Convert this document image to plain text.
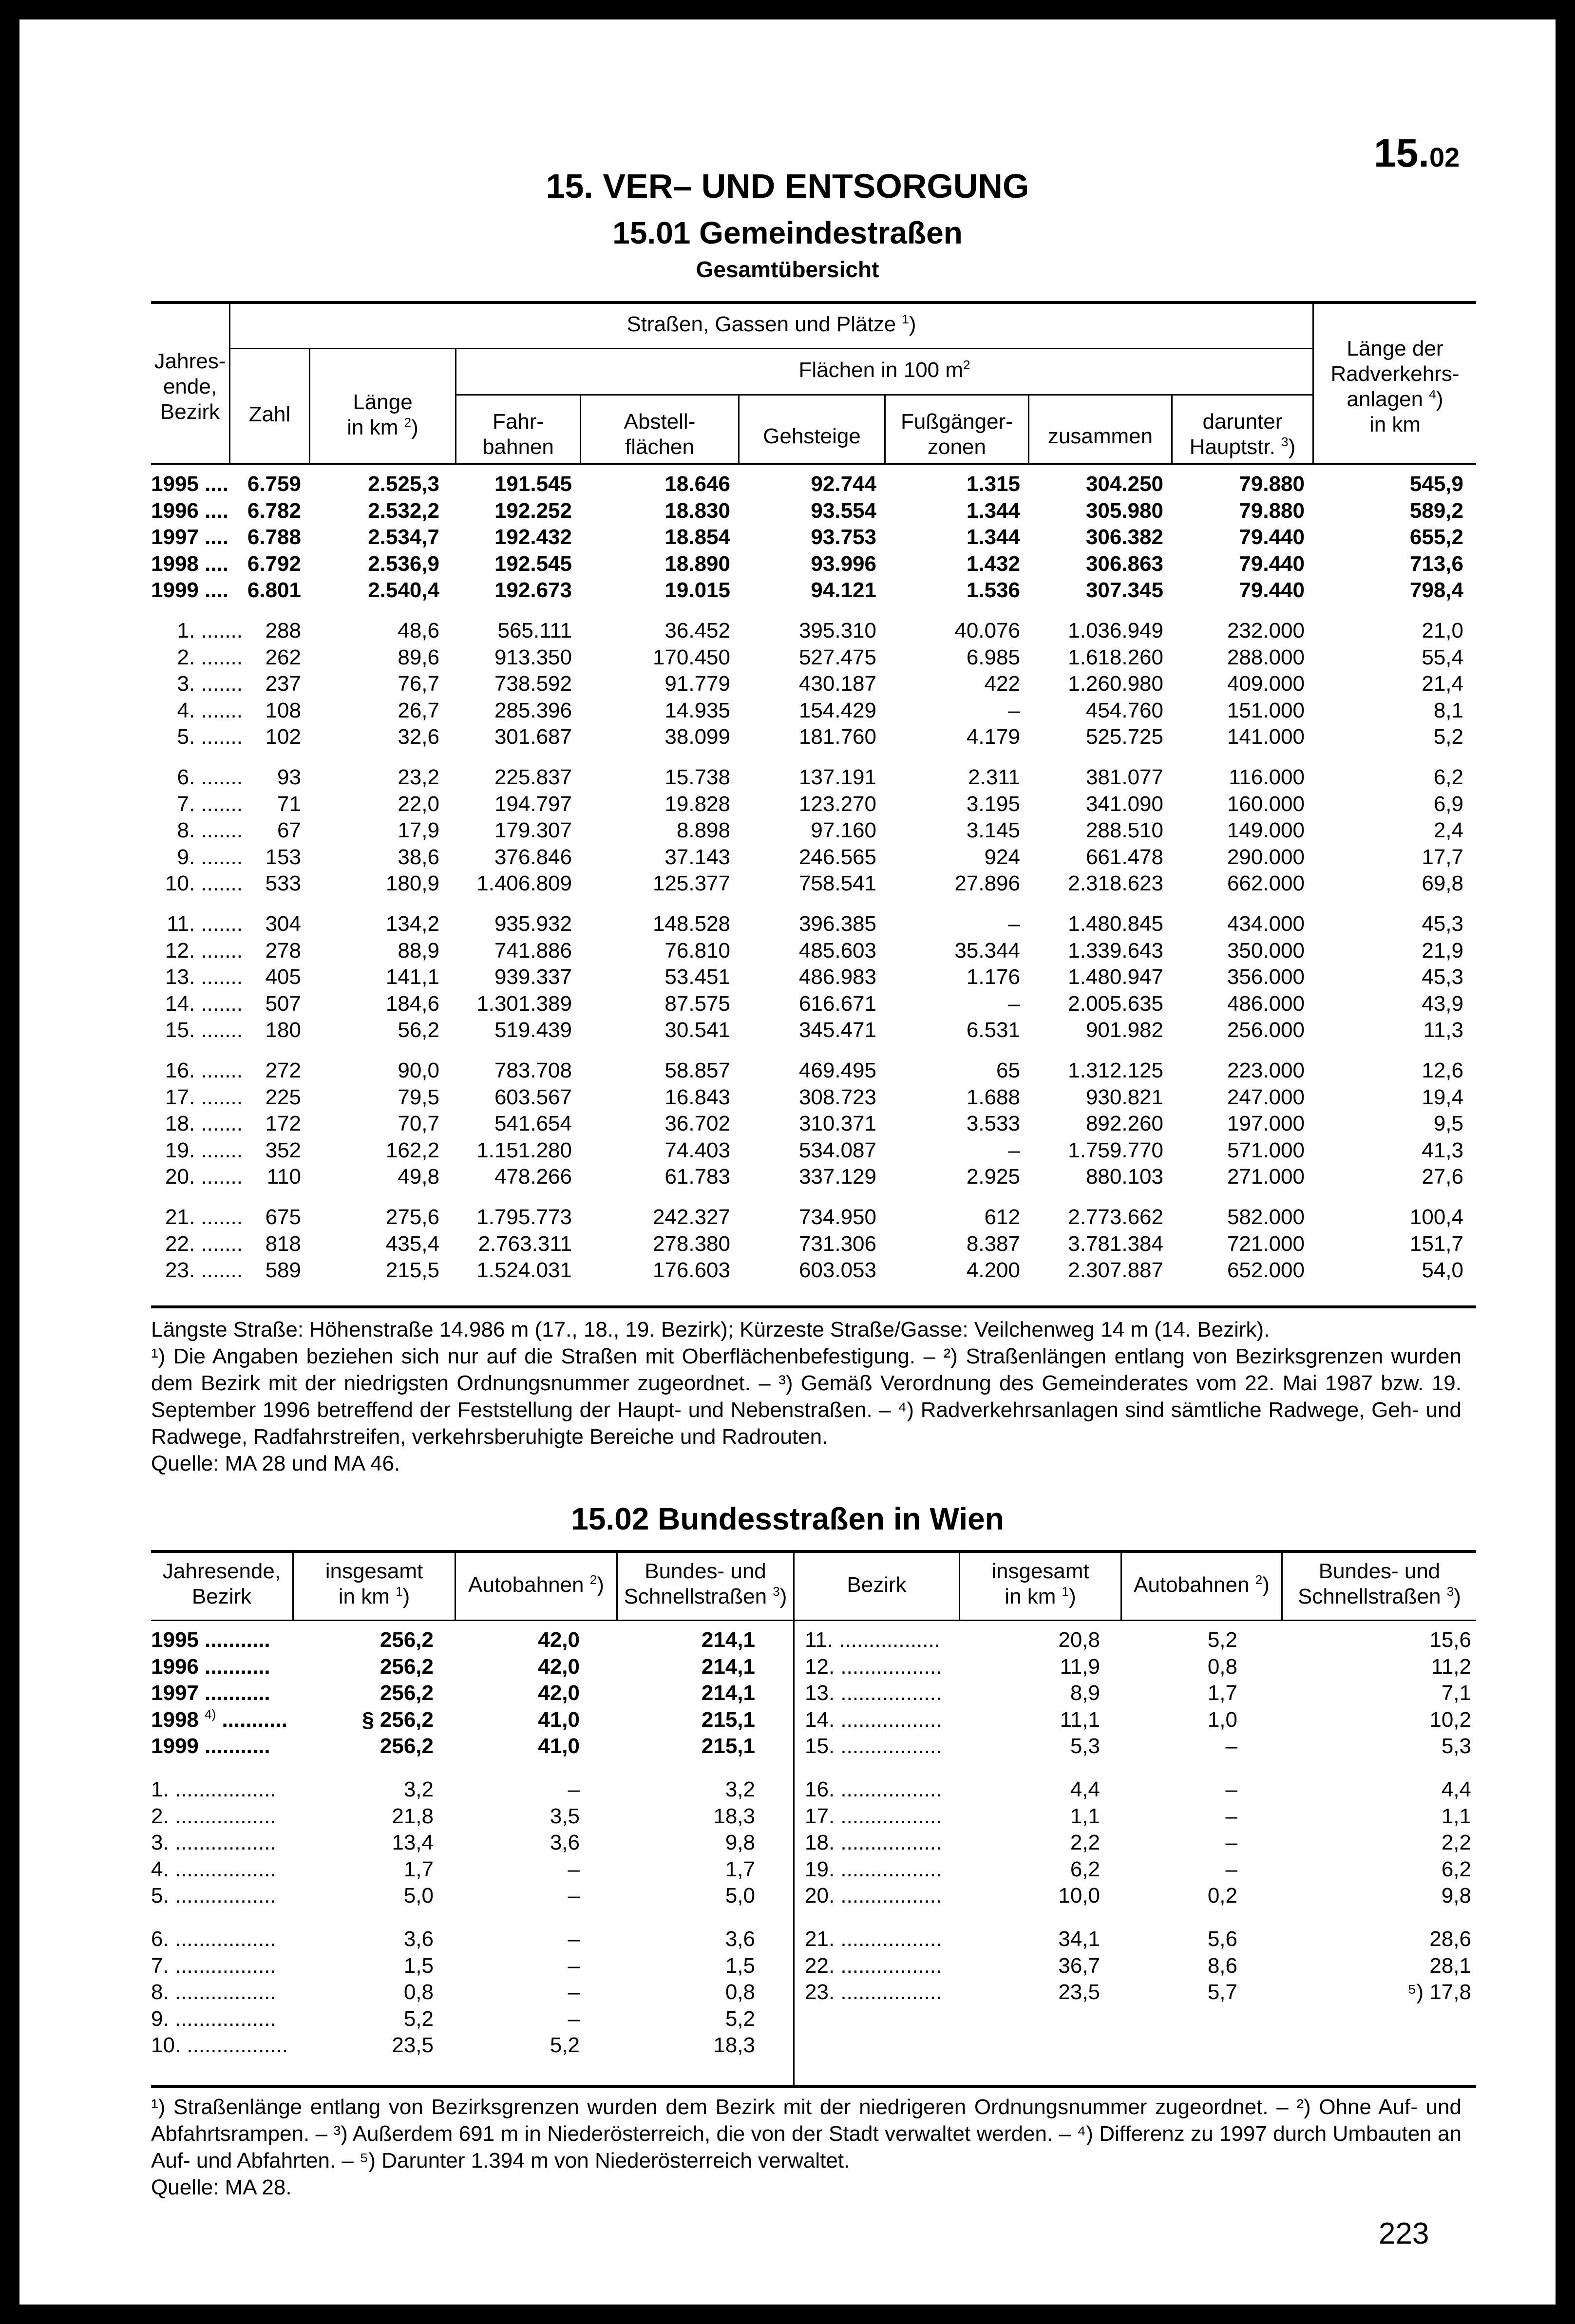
15.02
15. VER– UND ENTSORGUNG
15.01 Gemeindestraßen
Gesamtübersicht
Jahres-
ende,
Bezirk
Straßen, Gassen und Plätze $^1$)
Zahl
Länge
in km $^2$)
Flächen in 100 $m^2$
Fahr-
bahnen
Abstell-
flächen	Gehsteige
Fußgänger-
zonen	zusammen
darunter
Hauptstr. $^3$)
Länge der
Radverkehrs-
anlagen $^4$)
in km
1995 .... 6.759	2.525,3	191.545	18.646	92.744	1.315	304.250	79.880	545,9
1996 .... 6.782	2.532,2	192.252	18.830	93.554	1.344	305.980	79.880	589,2
1997 .... 6.788	2.534,7	192.432	18.854	93.753	1.344	306.382	79.440	655,2
1998 .... 6.792	2.536,9	192.545	18.890	93.996	1.432	306.863	79.440	713,6
1999 .... 6.801	2.540,4	192.673	19.015	94.121	1.536	307.345	79.440	798,4
1. .......	288	48,6	565.111	36.452	395.310	40.076	1.036.949	232.000	21,0
2. .......	262	89,6	913.350	170.450	527.475	6.985	1.618.260	288.000	55,4
3. .......	237	76,7	738.592	91.779	430.187	422	1.260.980	409.000	21,4
4. .......	108	26,7	285.396	14.935	154.429	–	454.760	151.000	8,1
5. .......	102	32,6	301.687	38.099	181.760	4.179	525.725	141.000	5,2
6. .......	93	23,2	225.837	15.738	137.191	2.311	381.077	116.000	6,2
7. .......	71	22,0	194.797	19.828	123.270	3.195	341.090	160.000	6,9
8. .......	67	17,9	179.307	8.898	97.160	3.145	288.510	149.000	2,4
9. .......	153	38,6	376.846	37.143	246.565	924	661.478	290.000	17,7
10. .......	533	180,9	1.406.809	125.377	758.541	27.896	2.318.623	662.000	69,8
11. .......	304	134,2	935.932	148.528	396.385	–	1.480.845	434.000	45,3
12. .......	278	88,9	741.886	76.810	485.603	35.344	1.339.643	350.000	21,9
13. .......	405	141,1	939.337	53.451	486.983	1.176	1.480.947	356.000	45,3
14. .......	507	184,6	1.301.389	87.575	616.671	–	2.005.635	486.000	43,9
15. .......	180	56,2	519.439	30.541	345.471	6.531	901.982	256.000	11,3
16. .......	272	90,0	783.708	58.857	469.495	65	1.312.125	223.000	12,6
17. .......	225	79,5	603.567	16.843	308.723	1.688	930.821	247.000	19,4
18. .......	172	70,7	541.654	36.702	310.371	3.533	892.260	197.000	9,5
19. .......	352	162,2	1.151.280	74.403	534.087	–	1.759.770	571.000	41,3
20. .......	110	49,8	478.266	61.783	337.129	2.925	880.103	271.000	27,6
21. .......	675	275,6	1.795.773	242.327	734.950	612	2.773.662	582.000	100,4
22. .......	818	435,4	2.763.311	278.380	731.306	8.387	3.781.384	721.000	151,7
23. .......	589	215,5	1.524.031	176.603	603.053	4.200	2.307.887	652.000	54,0
Längste Straße: Höhenstraße 14.986 m (17., 18., 19. Bezirk); Kürzeste Straße/Gasse: Veilchenweg 14 m (14. Bezirk).
¹) Die Angaben beziehen sich nur auf die Straßen mit Oberflächenbefestigung. – ²) Straßenlängen entlang von Bezirksgrenzen wurden dem Bezirk mit der niedrigsten Ordnungsnummer zugeordnet. – ³) Gemäß Verordnung des Gemeinderates vom 22. Mai 1987 bzw. 19. September 1996 betreffend der Feststellung der Haupt- und Nebenstraßen. – ⁴) Radverkehrsanlagen sind sämtliche Radwege, Geh- und Radwege, Radfahrstreifen, verkehrsberuhigte Bereiche und Radrouten.
Quelle: MA 28 und MA 46.
15.02 Bundesstraßen in Wien
Jahresende,
Bezirk
insgesamt
in km $^1$)	Autobahnen $^2$)
Bundes- und
Schnellstraßen $^3$)	Bezirk
insgesamt
in km $^1$)	Autobahnen $^2$)
Bundes- und
Schnellstraßen $^3$)
1995 ...........	256,2	42,0	214,1
1996 ...........	256,2	42,0	214,1
1997 ...........	256,2	42,0	214,1
1998 $^{4)}$ ...........	§ 256,2	41,0	215,1
1999 ...........	256,2	41,0	215,1
1. .................	3,2	–	3,2
2. .................	21,8	3,5	18,3
3. .................	13,4	3,6	9,8
4. .................	1,7	–	1,7
5. .................	5,0	–	5,0
6. .................	3,6	–	3,6
7. .................	1,5	–	1,5
8. .................	0,8	–	0,8
9. .................	5,2	–	5,2
10. .................	23,5	5,2	18,3
11. .................	20,8	5,2	15,6
12. .................	11,9	0,8	11,2
13. .................	8,9	1,7	7,1
14. .................	11,1	1,0	10,2
15. .................	5,3	–	5,3
16. .................	4,4	–	4,4
17. .................	1,1	–	1,1
18. .................	2,2	–	2,2
19. .................	6,2	–	6,2
20. .................	10,0	0,2	9,8
21. .................	34,1	5,6	28,6
22. .................	36,7	8,6	28,1
23. .................	23,5	5,7	⁵) 17,8
¹) Straßenlänge entlang von Bezirksgrenzen wurden dem Bezirk mit der niedrigeren Ordnungsnummer zugeordnet. – ²) Ohne Auf- und Abfahrtsrampen. – ³) Außerdem 691 m in Niederösterreich, die von der Stadt verwaltet werden. – ⁴) Differenz zu 1997 durch Umbauten an Auf- und Abfahrten. – ⁵) Darunter 1.394 m von Niederösterreich verwaltet.
Quelle: MA 28.
223
